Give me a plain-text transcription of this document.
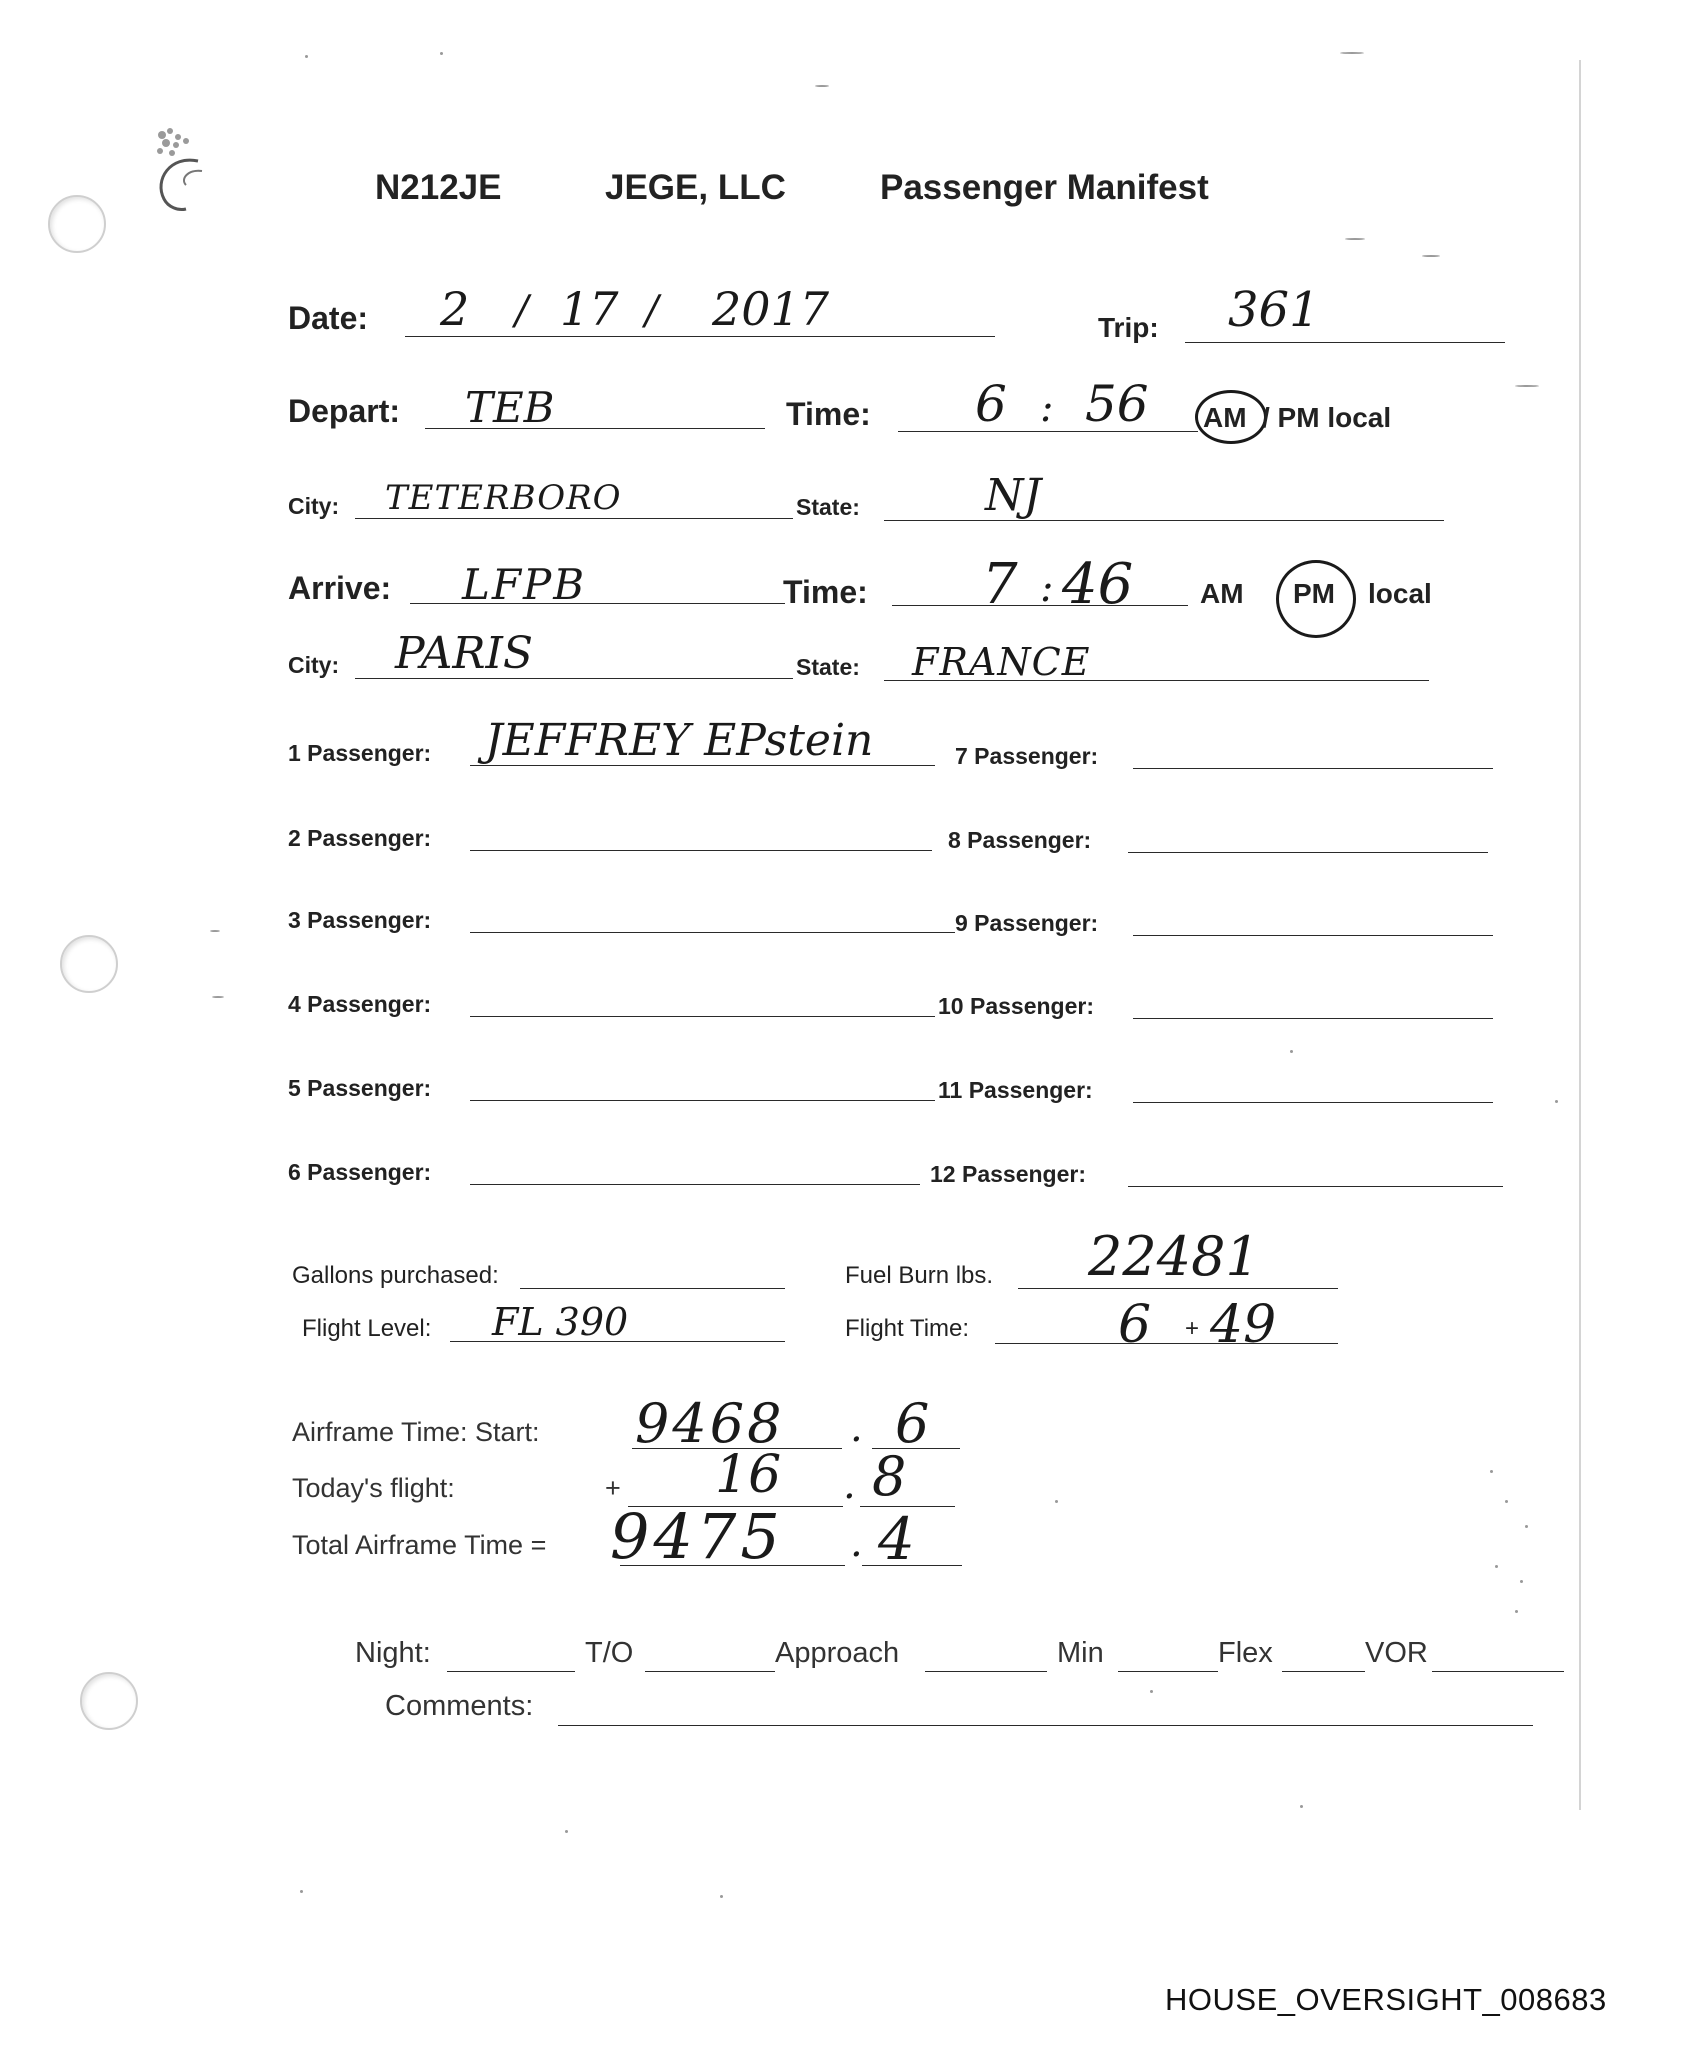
N212JE	JEGE, LLC	Passenger Manifest
Date: 2 / 17 / 2017	Trip: 361
Depart: TEB	Time: 6 : 56 AM / PM local
City: TETERBORO	State:	NJ
Arrive: LFPB	Time: 7 : 46 AM PM local
City: PARIS	State: FRANCE
1 Passenger: JEFFREY EPstein
2 Passenger:
3 Passenger:
4 Passenger:
5 Passenger:
6 Passenger:
7 Passenger:
8 Passenger:
9 Passenger:
10 Passenger:
11 Passenger:
12 Passenger:
Gallons purchased:	Fuel Burn lbs. 22481
Flight Level: FL 390	Flight Time:	6 + 49
Airframe Time: Start: 9468 . 6
Today's flight:	+ 16 . 8
Total Airframe Time = 9475 . 4
Night:	T/O	Approach	Min	Flex	VOR
Comments:
HOUSE_OVERSIGHT_008683
